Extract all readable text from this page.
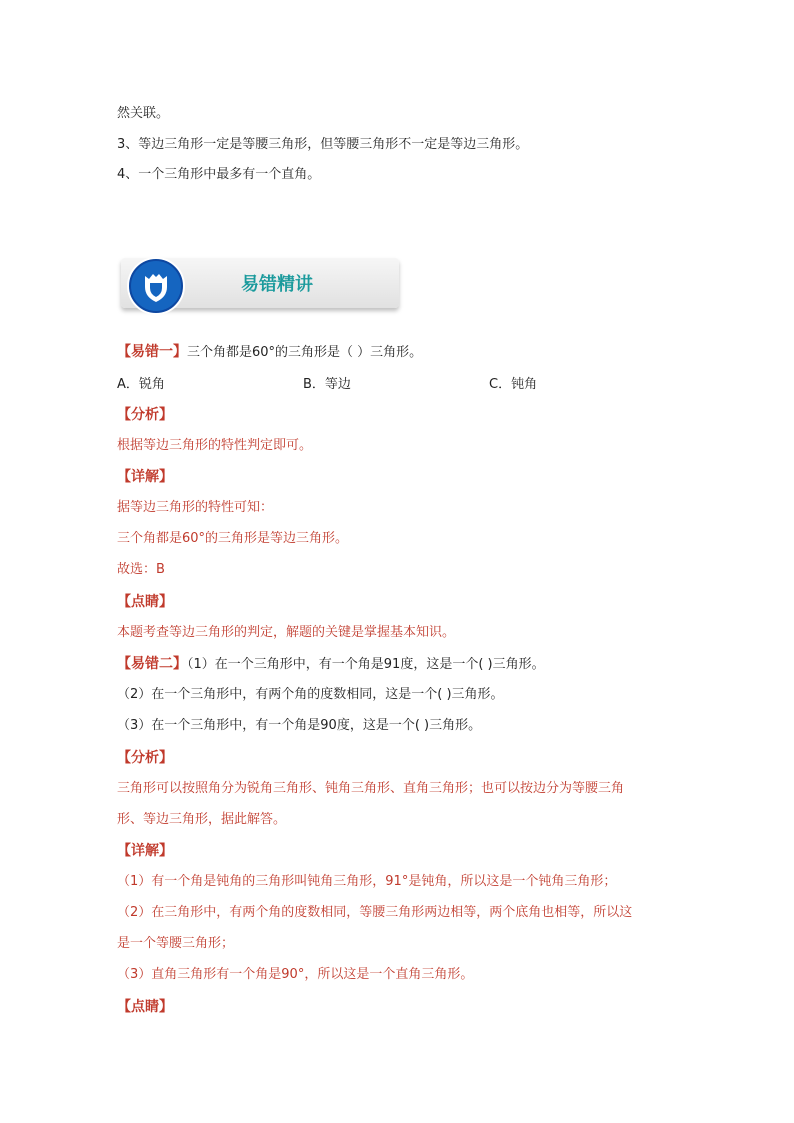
然关联。
3、等边三角形一定是等腰三角形，但等腰三角形不一定是等边三角形。
4、一个三角形中最多有一个直角。
易错精讲
【易错一】三个角都是60°的三角形是（ ）三角形。
A．锐角	B．等边	C．钝角
【分析】
根据等边三角形的特性判定即可。
【详解】
据等边三角形的特性可知：
三个角都是60°的三角形是等边三角形。
故选：B
【点睛】
本题考查等边三角形的判定，解题的关键是掌握基本知识。
【易错二】（1）在一个三角形中，有一个角是91度，这是一个( )三角形。
（2）在一个三角形中，有两个角的度数相同，这是一个( )三角形。
（3）在一个三角形中，有一个角是90度，这是一个( )三角形。
【分析】
三角形可以按照角分为锐角三角形、钝角三角形、直角三角形；也可以按边分为等腰三角
形、等边三角形，据此解答。
【详解】
（1）有一个角是钝角的三角形叫钝角三角形，91°是钝角，所以这是一个钝角三角形；
（2）在三角形中，有两个角的度数相同，等腰三角形两边相等，两个底角也相等，所以这
是一个等腰三角形；
（3）直角三角形有一个角是90°，所以这是一个直角三角形。
【点睛】
